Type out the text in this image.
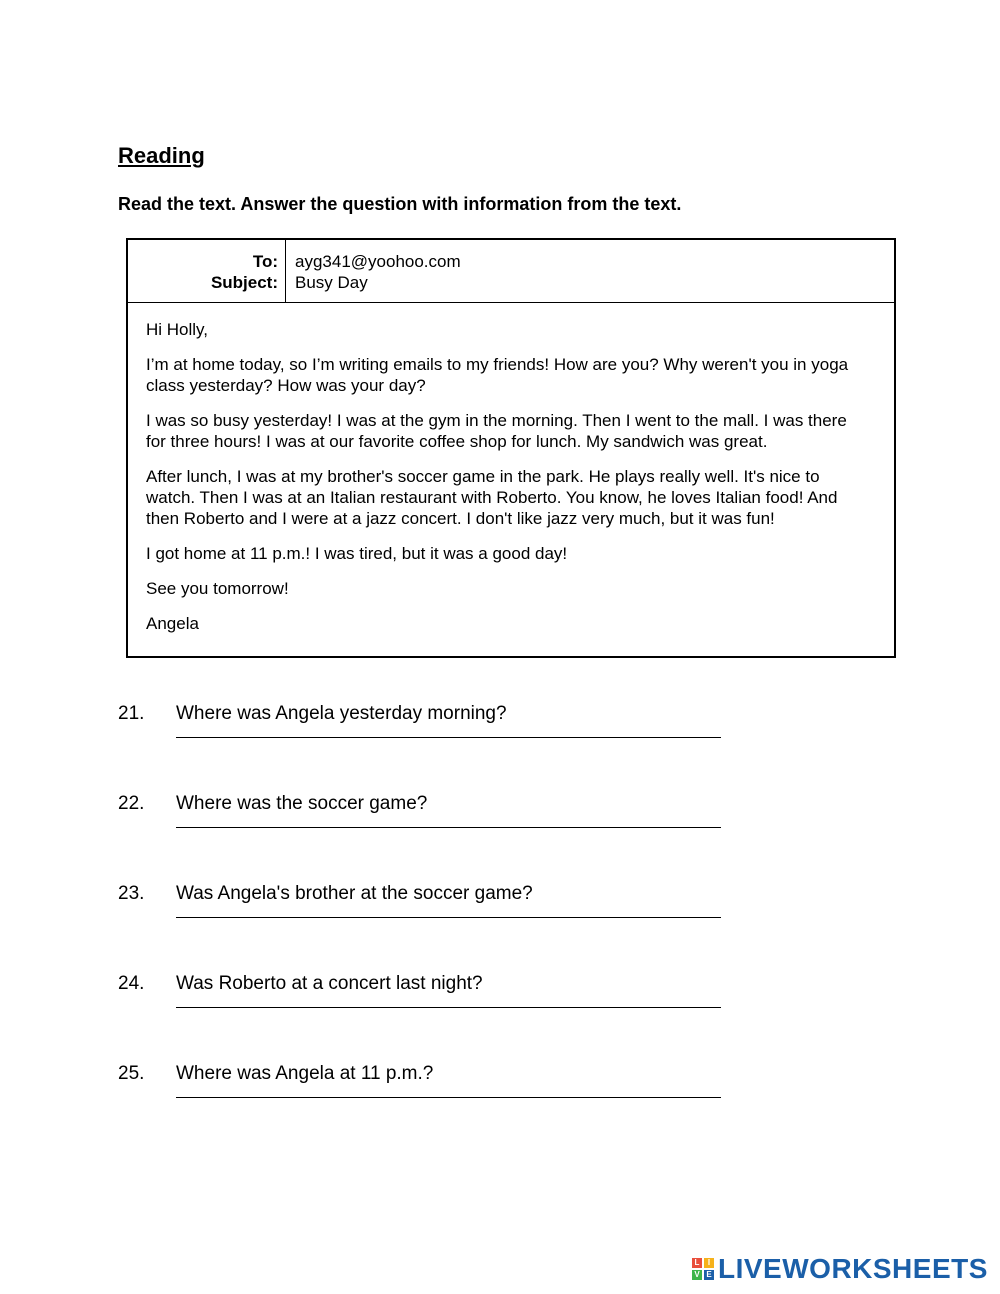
Reading
Read the text. Answer the question with information from the text.
To:
Subject:
ayg341@yoohoo.com
Busy Day

Hi Holly,

I’m at home today, so I’m writing emails to my friends! How are you? Why weren't you in yoga class yesterday? How was your day?

I was so busy yesterday! I was at the gym in the morning. Then I went to the mall. I was there for three hours! I was at our favorite coffee shop for lunch. My sandwich was great.

After lunch, I was at my brother's soccer game in the park. He plays really well. It's nice to watch. Then I was at an Italian restaurant with Roberto. You know, he loves Italian food! And then Roberto and I were at a jazz concert. I don't like jazz very much, but it was fun!

I got home at 11 p.m.! I was tired, but it was a good day!

See you tomorrow!

Angela

21. Where was Angela yesterday morning?
22. Where was the soccer game?
23. Was Angela's brother at the soccer game?
24. Was Roberto at a concert last night?
25. Where was Angela at 11 p.m.?
L	I
V E LIVEWORKSHEETS
